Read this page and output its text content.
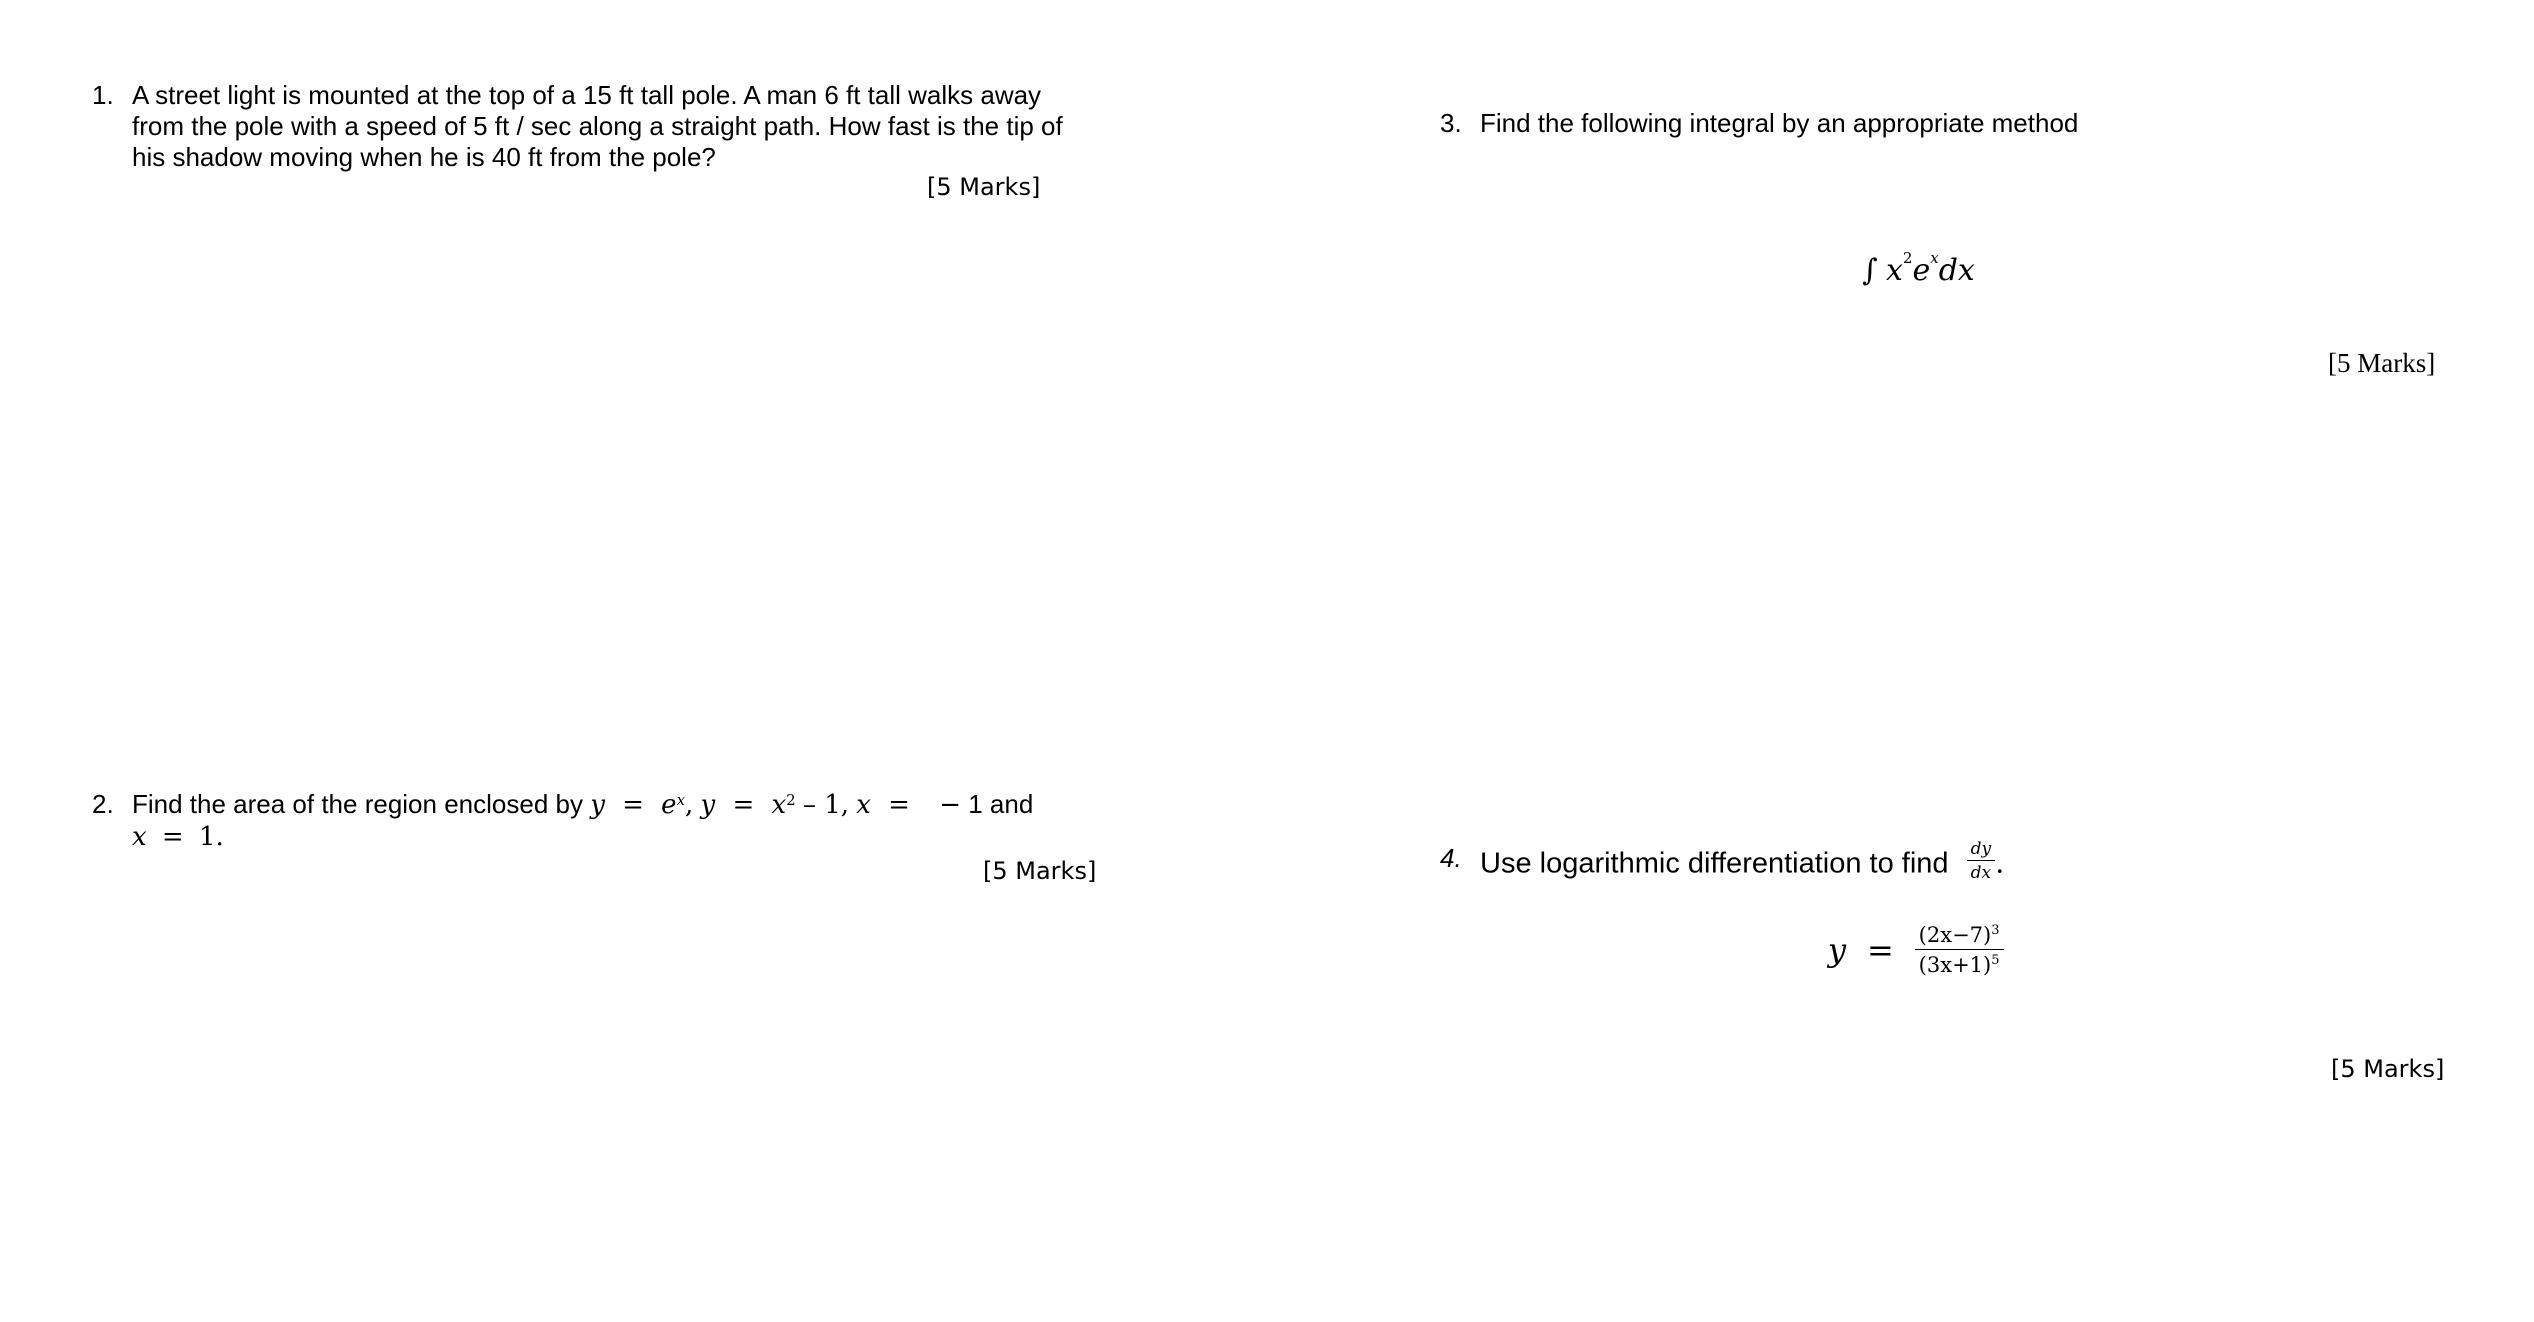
1. A street light is mounted at the top of a 15 ft tall pole. A man 6 ft tall walks away
from the pole with a speed of 5 ft / sec along a straight path. How fast is the tip of
his shadow moving when he is 40 ft from the pole?
[5 Marks]
2. Find the area of the region enclosed by $y = e^x$, $y = x^2 - 1$, x = − 1 and
x = 1.
[5 Marks]
3. Find the following integral by an appropriate method
∫ $x^2e^xdx$
[5 Marks]
4. Use logarithmic differentiation to find $\frac{dy}{dx}$ .
$y = \frac{(2x-7)^3}{(3x+1)^5}$
[5 Marks]
